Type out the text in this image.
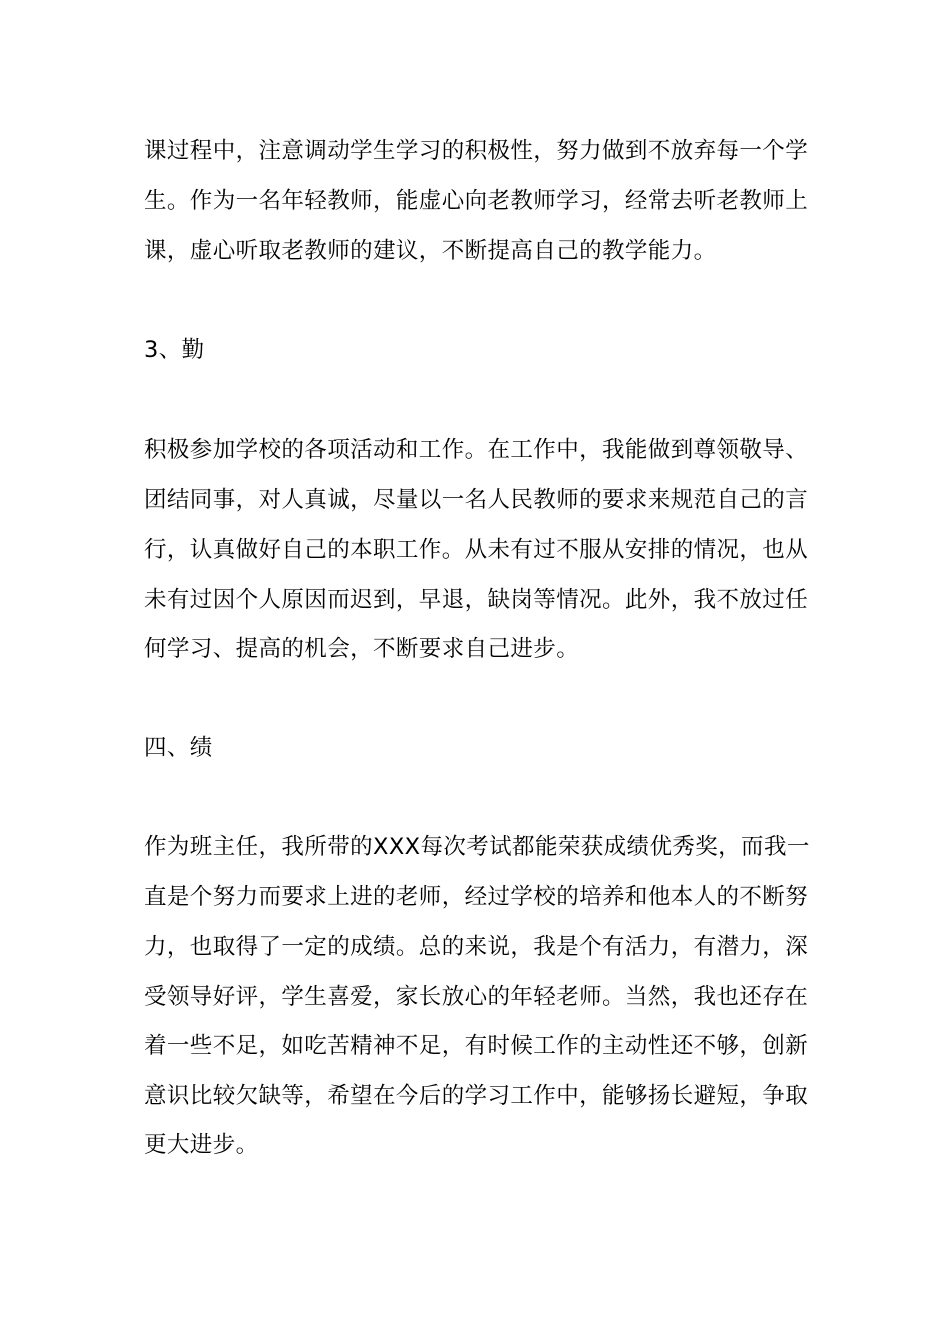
课过程中，注意调动学生学习的积极性，努力做到不放弃每一个学

生。作为一名年轻教师，能虚心向老教师学习，经常去听老教师上

课，虚心听取老教师的建议，不断提高自己的教学能力。

3、勤

积极参加学校的各项活动和工作。在工作中，我能做到尊领敬导、

团结同事，对人真诚，尽量以一名人民教师的要求来规范自己的言

行，认真做好自己的本职工作。从未有过不服从安排的情况，也从

未有过因个人原因而迟到，早退，缺岗等情况。此外，我不放过任

何学习、提高的机会，不断要求自己进步。

四、绩

作为班主任，我所带的XXX每次考试都能荣获成绩优秀奖，而我一

直是个努力而要求上进的老师，经过学校的培养和他本人的不断努

力，也取得了一定的成绩。总的来说，我是个有活力，有潜力，深

受领导好评，学生喜爱，家长放心的年轻老师。当然，我也还存在

着一些不足，如吃苦精神不足，有时候工作的主动性还不够，创新

意识比较欠缺等，希望在今后的学习工作中，能够扬长避短，争取

更大进步。
